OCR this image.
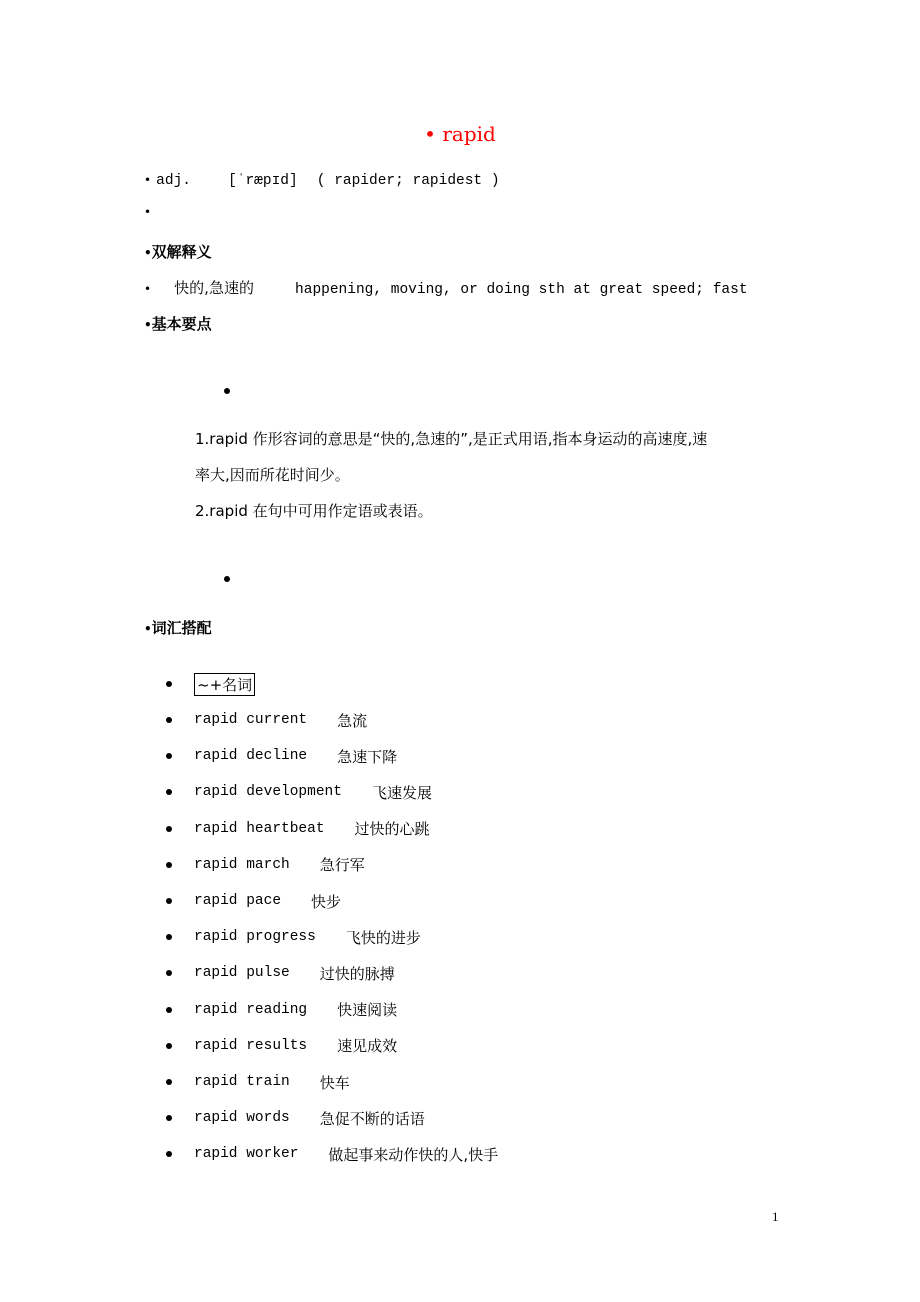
• rapid
• adj.	[ˈræpɪd] ( rapider; rapidest )
•
•双解释义
• 快的,急速的	happening, moving, or doing sth at great speed; fast
•基本要点
1.rapid 作形容词的意思是“快的,急速的”,是正式用语,指本身运动的高速度,速
率大,因而所花时间少。
2.rapid 在句中可用作定语或表语。
•词汇搭配
~+名词
rapid current 急流
rapid decline 急速下降
rapid development 飞速发展
rapid heartbeat 过快的心跳
rapid march 急行军
rapid pace 快步
rapid progress 飞快的进步
rapid pulse 过快的脉搏
rapid reading 快速阅读
rapid results 速见成效
rapid train 快车
rapid words 急促不断的话语
rapid worker 做起事来动作快的人,快手
1
